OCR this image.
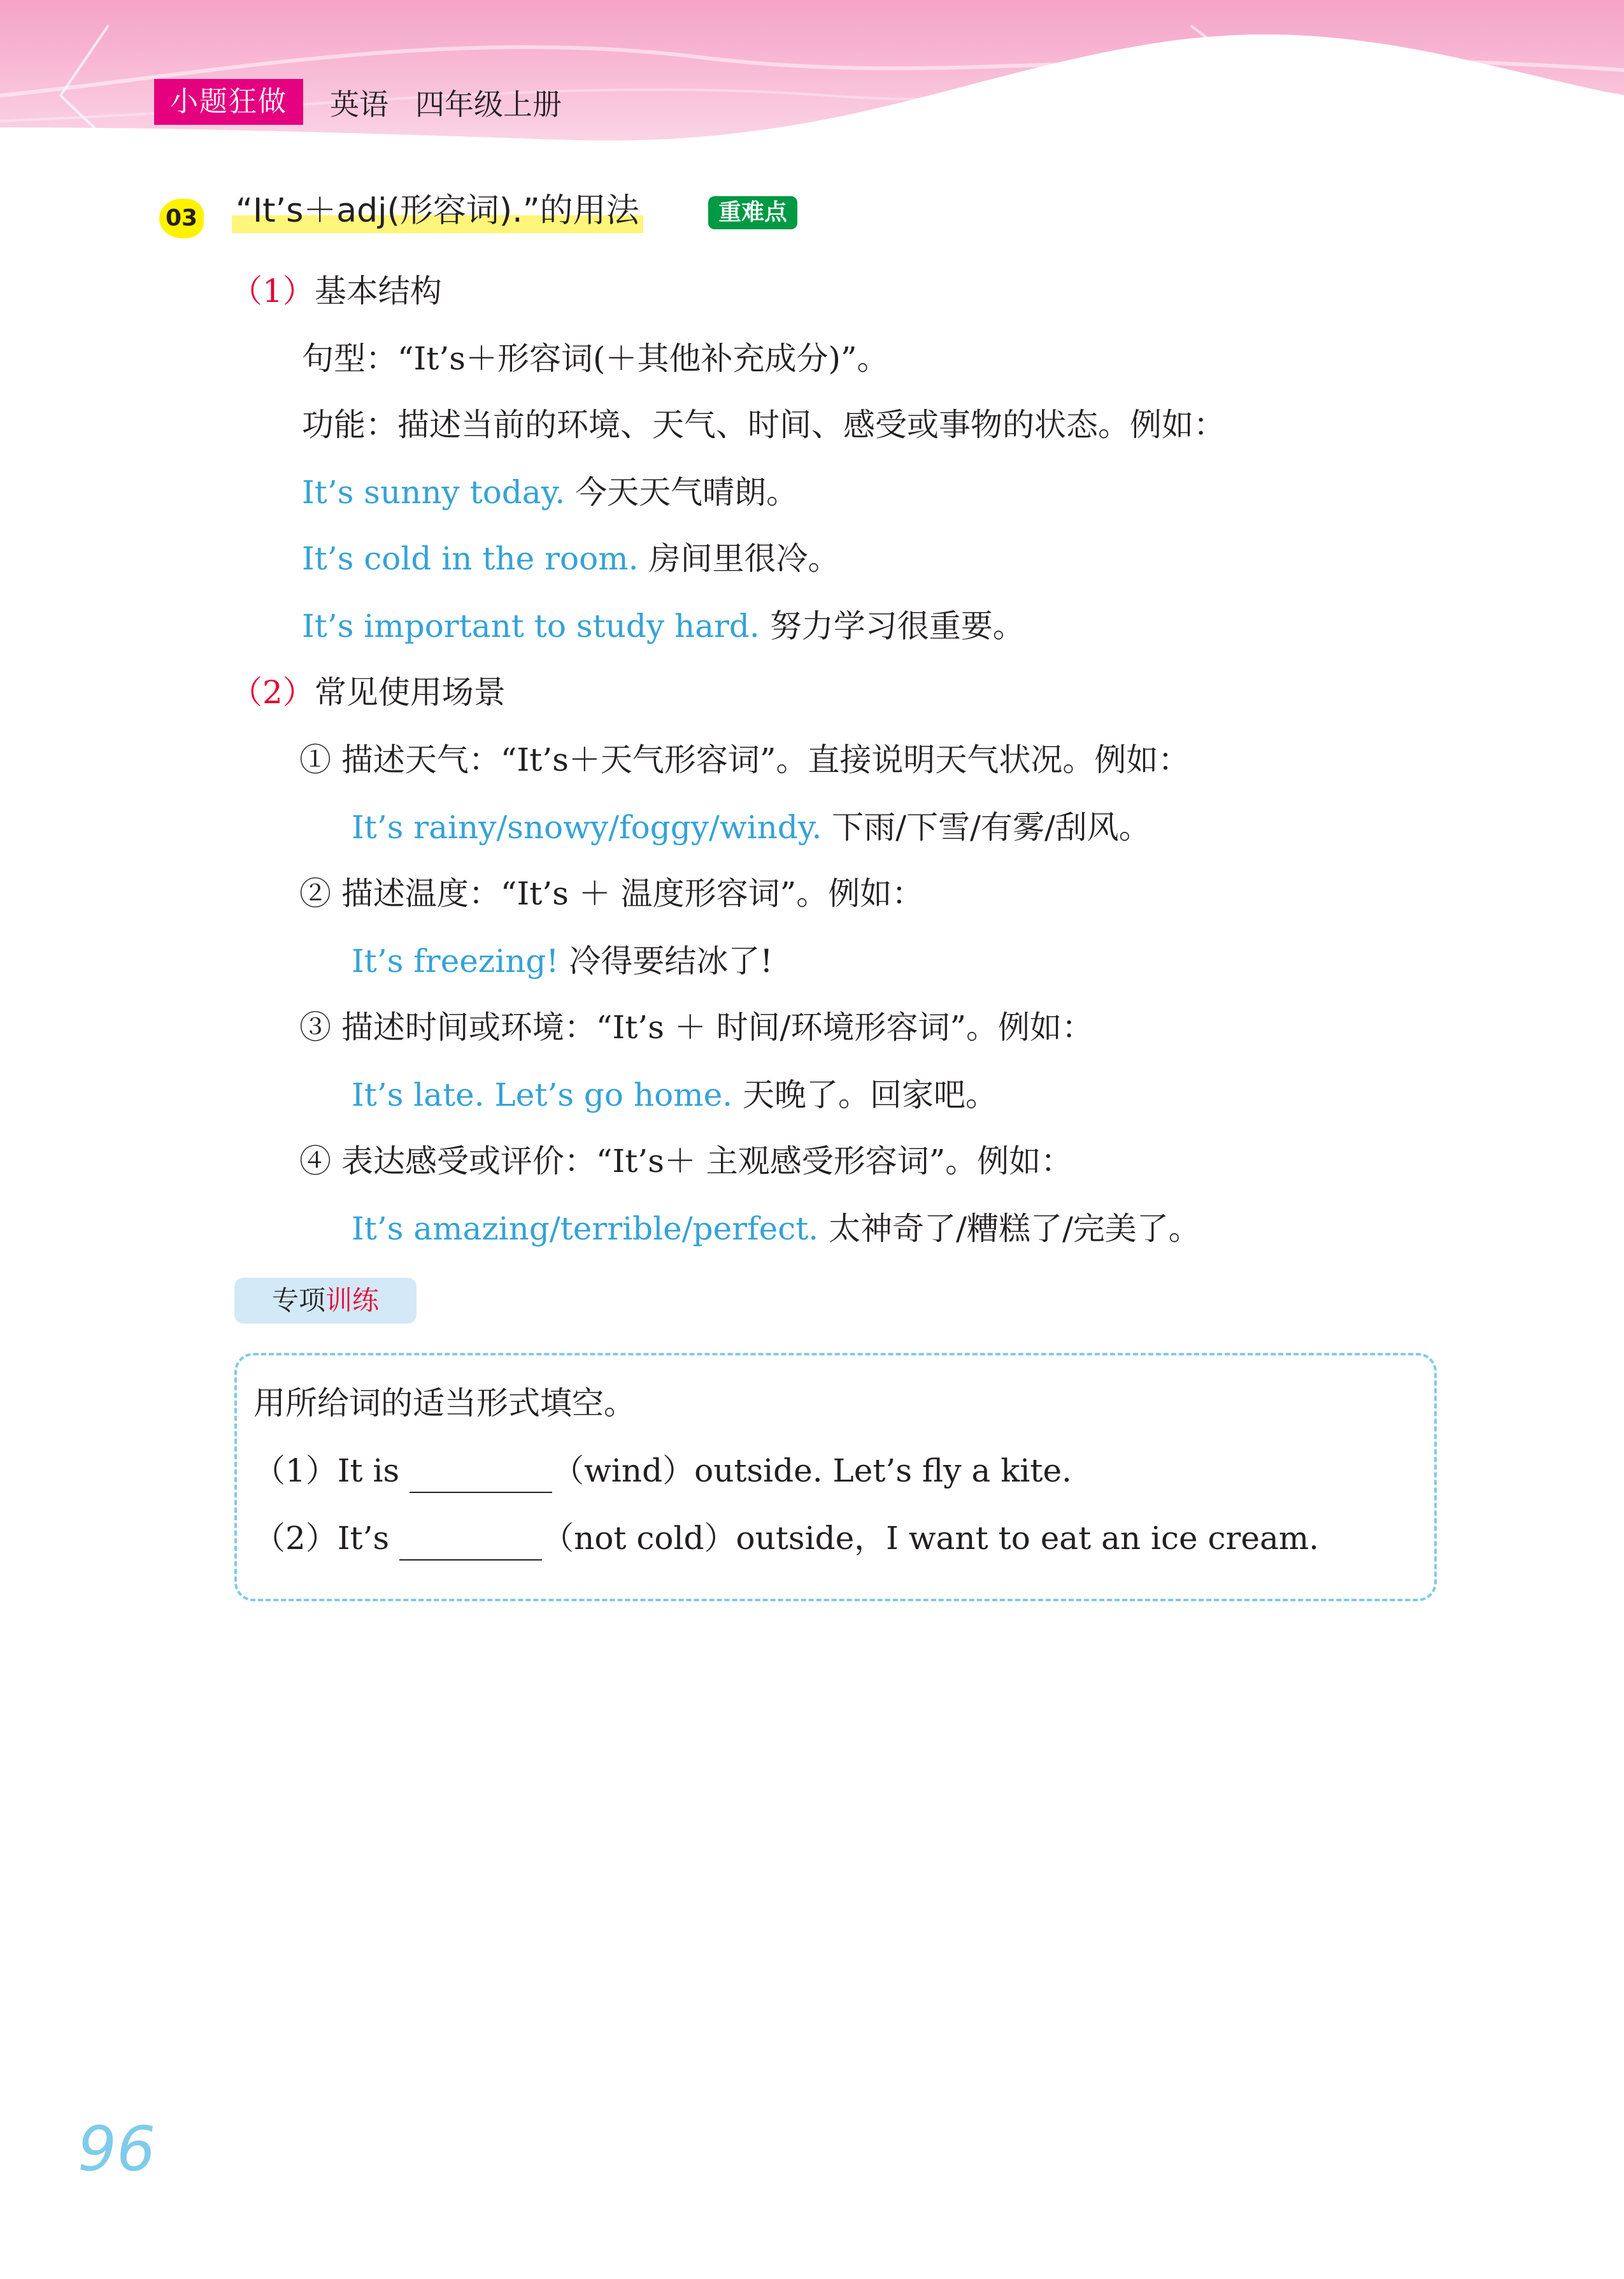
小题狂做	英语 四年级上册
03 “It’s＋adj(形容词).”的用法	重难点
（1）基本结构
句型：“It’s＋形容词(＋其他补充成分)”。
功能：描述当前的环境、天气、时间、感受或事物的状态。例如：
It’s sunny today. 今天天气晴朗。
It’s cold in the room. 房间里很冷。
It’s important to study hard. 努力学习很重要。
（2）常见使用场景
① 描述天气：“It’s＋天气形容词”。直接说明天气状况。例如：
It’s rainy/snowy/foggy/windy. 下雨/下雪/有雾/刮风。
② 描述温度：“It’s ＋ 温度形容词”。例如：
It’s freezing! 冷得要结冰了!
③ 描述时间或环境：“It’s ＋ 时间/环境形容词”。例如：
It’s late. Let’s go home. 天晚了。回家吧。
④ 表达感受或评价：“It’s＋ 主观感受形容词”。例如：
It’s amazing/terrible/perfect. 太神奇了/糟糕了/完美了。
专项训练
用所给词的适当形式填空。
（1）It is	（wind）outside. Let’s fly a kite.
（2）It’s	（not cold）outside，I want to eat an ice cream.
96
